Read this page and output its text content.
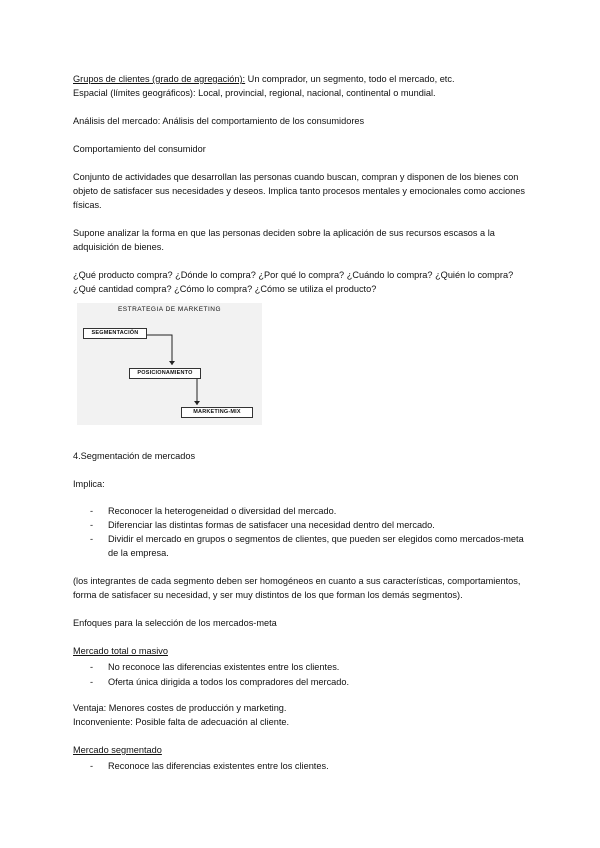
Grupos de clientes (grado de agregación): Un comprador, un segmento, todo el mercado, etc.
Espacial (límites geográficos): Local, provincial, regional, nacional, continental o mundial.
Análisis del mercado: Análisis del comportamiento de los consumidores
Comportamiento del consumidor
Conjunto de actividades que desarrollan las personas cuando buscan, compran y disponen de los bienes con
objeto de satisfacer sus necesidades y deseos. Implica tanto procesos mentales y emocionales como acciones
físicas.
Supone analizar la forma en que las personas deciden sobre la aplicación de sus recursos escasos a la
adquisición de bienes.
¿Qué producto compra? ¿Dónde lo compra? ¿Por qué lo compra? ¿Cuándo lo compra? ¿Quién lo compra?
¿Qué cantidad compra? ¿Cómo lo compra? ¿Cómo se utiliza el producto?
ESTRATEGIA DE MARKETING
SEGMENTACIÓN
POSICIONAMIENTO
MARKETING-MIX
4.Segmentación de mercados
Implica:
- Reconocer la heterogeneidad o diversidad del mercado.
- Diferenciar las distintas formas de satisfacer una necesidad dentro del mercado.
- Dividir el mercado en grupos o segmentos de clientes, que pueden ser elegidos como mercados-meta
de la empresa.
(los integrantes de cada segmento deben ser homogéneos en cuanto a sus características, comportamientos,
forma de satisfacer su necesidad, y ser muy distintos de los que forman los demás segmentos).
Enfoques para la selección de los mercados-meta
Mercado total o masivo
- No reconoce las diferencias existentes entre los clientes.
- Oferta única dirigida a todos los compradores del mercado.
Ventaja: Menores costes de producción y marketing.
Inconveniente: Posible falta de adecuación al cliente.
Mercado segmentado
- Reconoce las diferencias existentes entre los clientes.
